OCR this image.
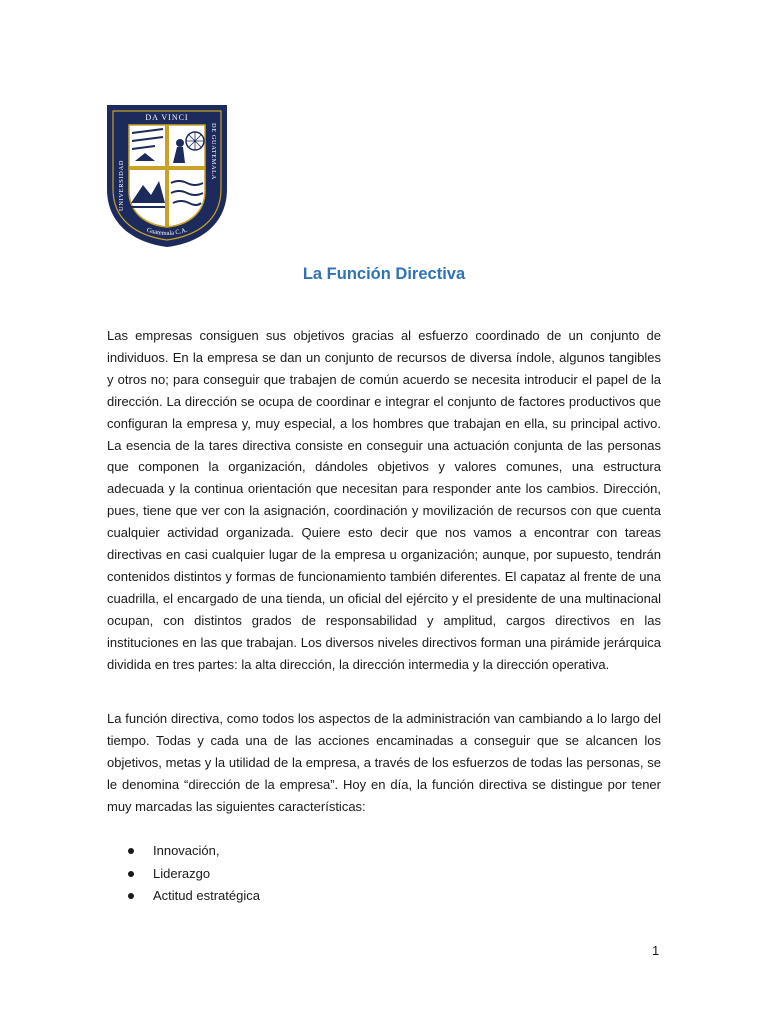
DA VINCI
UNIVERSIDAD
DE GUATEMALA
Guatemala C.A.
La Función Directiva

Las empresas consiguen sus objetivos gracias al esfuerzo coordinado de un conjunto de individuos. En la empresa se dan un conjunto de recursos de diversa índole, algunos tangibles y otros no; para conseguir que trabajen de común acuerdo se necesita introducir el papel de la dirección. La dirección se ocupa de coordinar e integrar el conjunto de factores productivos que configuran la empresa y, muy especial, a los hombres que trabajan en ella, su principal activo. La esencia de la tares directiva consiste en conseguir una actuación conjunta de las personas que componen la organización, dándoles objetivos y valores comunes, una estructura adecuada y la continua orientación que necesitan para responder ante los cambios. Dirección, pues, tiene que ver con la asignación, coordinación y movilización de recursos con que cuenta cualquier actividad organizada. Quiere esto decir que nos vamos a encontrar con tareas directivas en casi cualquier lugar de la empresa u organización; aunque, por supuesto, tendrán contenidos distintos y formas de funcionamiento también diferentes. El capataz al frente de una cuadrilla, el encargado de una tienda, un oficial del ejército y el presidente de una multinacional ocupan, con distintos grados de responsabilidad y amplitud, cargos directivos en las instituciones en las que trabajan. Los diversos niveles directivos forman una pirámide jerárquica dividida en tres partes: la alta dirección, la dirección intermedia y la dirección operativa.

La función directiva, como todos los aspectos de la administración van cambiando a lo largo del tiempo. Todas y cada una de las acciones encaminadas a conseguir que se alcancen los objetivos, metas y la utilidad de la empresa, a través de los esfuerzos de todas las personas, se le denomina “dirección de la empresa”. Hoy en día, la función directiva se distingue por tener muy marcadas las siguientes características:

Innovación,
Liderazgo
Actitud estratégica
1
